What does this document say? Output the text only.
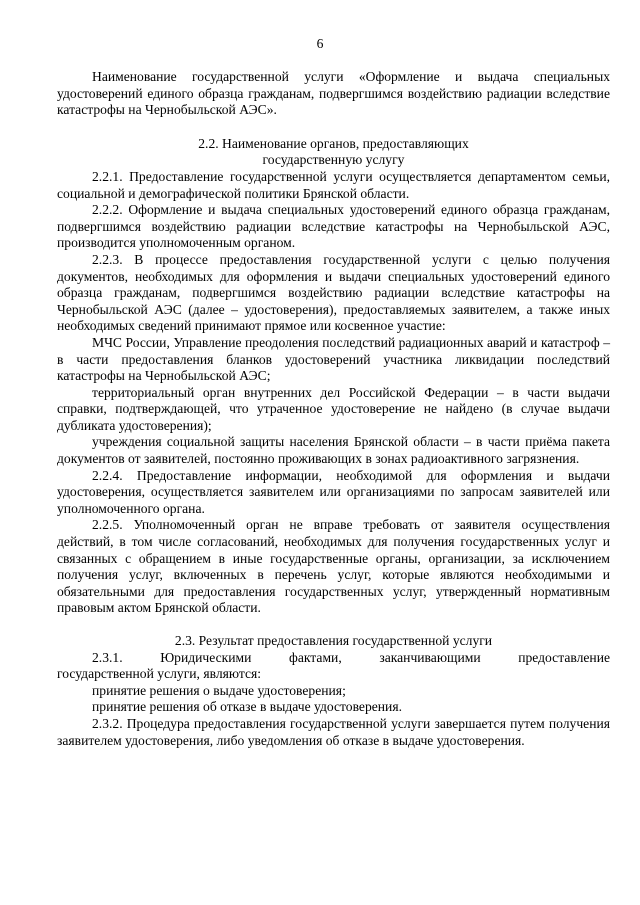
6

Наименование государственной услуги «Оформление и выдача специальных удостоверений единого образца гражданам, подвергшимся воздействию радиации вследствие катастрофы на Чернобыльской АЭС».

2.2. Наименование органов, предоставляющих

государственную услугу

2.2.1. Предоставление государственной услуги осуществляется департаментом семьи, социальной и демографической политики Брянской области.

2.2.2. Оформление и выдача специальных удостоверений единого образца гражданам, подвергшимся воздействию радиации вследствие катастрофы на Чернобыльской АЭС, производится уполномоченным органом.

2.2.3. В процессе предоставления государственной услуги с целью получения документов, необходимых для оформления и выдачи специальных удостоверений единого образца гражданам, подвергшимся воздействию радиации вследствие катастрофы на Чернобыльской АЭС (далее – удостоверения), предоставляемых заявителем, а также иных необходимых сведений принимают прямое или косвенное участие:

МЧС России, Управление преодоления последствий радиационных аварий и катастроф – в части предоставления бланков удостоверений участника ликвидации последствий катастрофы на Чернобыльской АЭС;

территориальный орган внутренних дел Российской Федерации – в части выдачи справки, подтверждающей, что утраченное удостоверение не найдено (в случае выдачи дубликата удостоверения);

учреждения социальной защиты населения Брянской области – в части приёма пакета документов от заявителей, постоянно проживающих в зонах радиоактивного загрязнения.

2.2.4. Предоставление информации, необходимой для оформления и выдачи удостоверения, осуществляется заявителем или организациями по запросам заявителей или уполномоченного органа.

2.2.5. Уполномоченный орган не вправе требовать от заявителя осуществления действий, в том числе согласований, необходимых для получения государственных услуг и связанных с обращением в иные государственные органы, организации, за исключением получения услуг, включенных в перечень услуг, которые являются необходимыми и обязательными для предоставления государственных услуг, утвержденный нормативным правовым актом Брянской области.

2.3. Результат предоставления государственной услуги

2.3.1.      Юридическими      фактами,      заканчивающими      предоставление государственной услуги, являются:

принятие решения о выдаче удостоверения;

принятие решения об отказе в выдаче удостоверения.

2.3.2. Процедура предоставления государственной услуги завершается путем получения заявителем удостоверения, либо уведомления об отказе в выдаче удостоверения.
